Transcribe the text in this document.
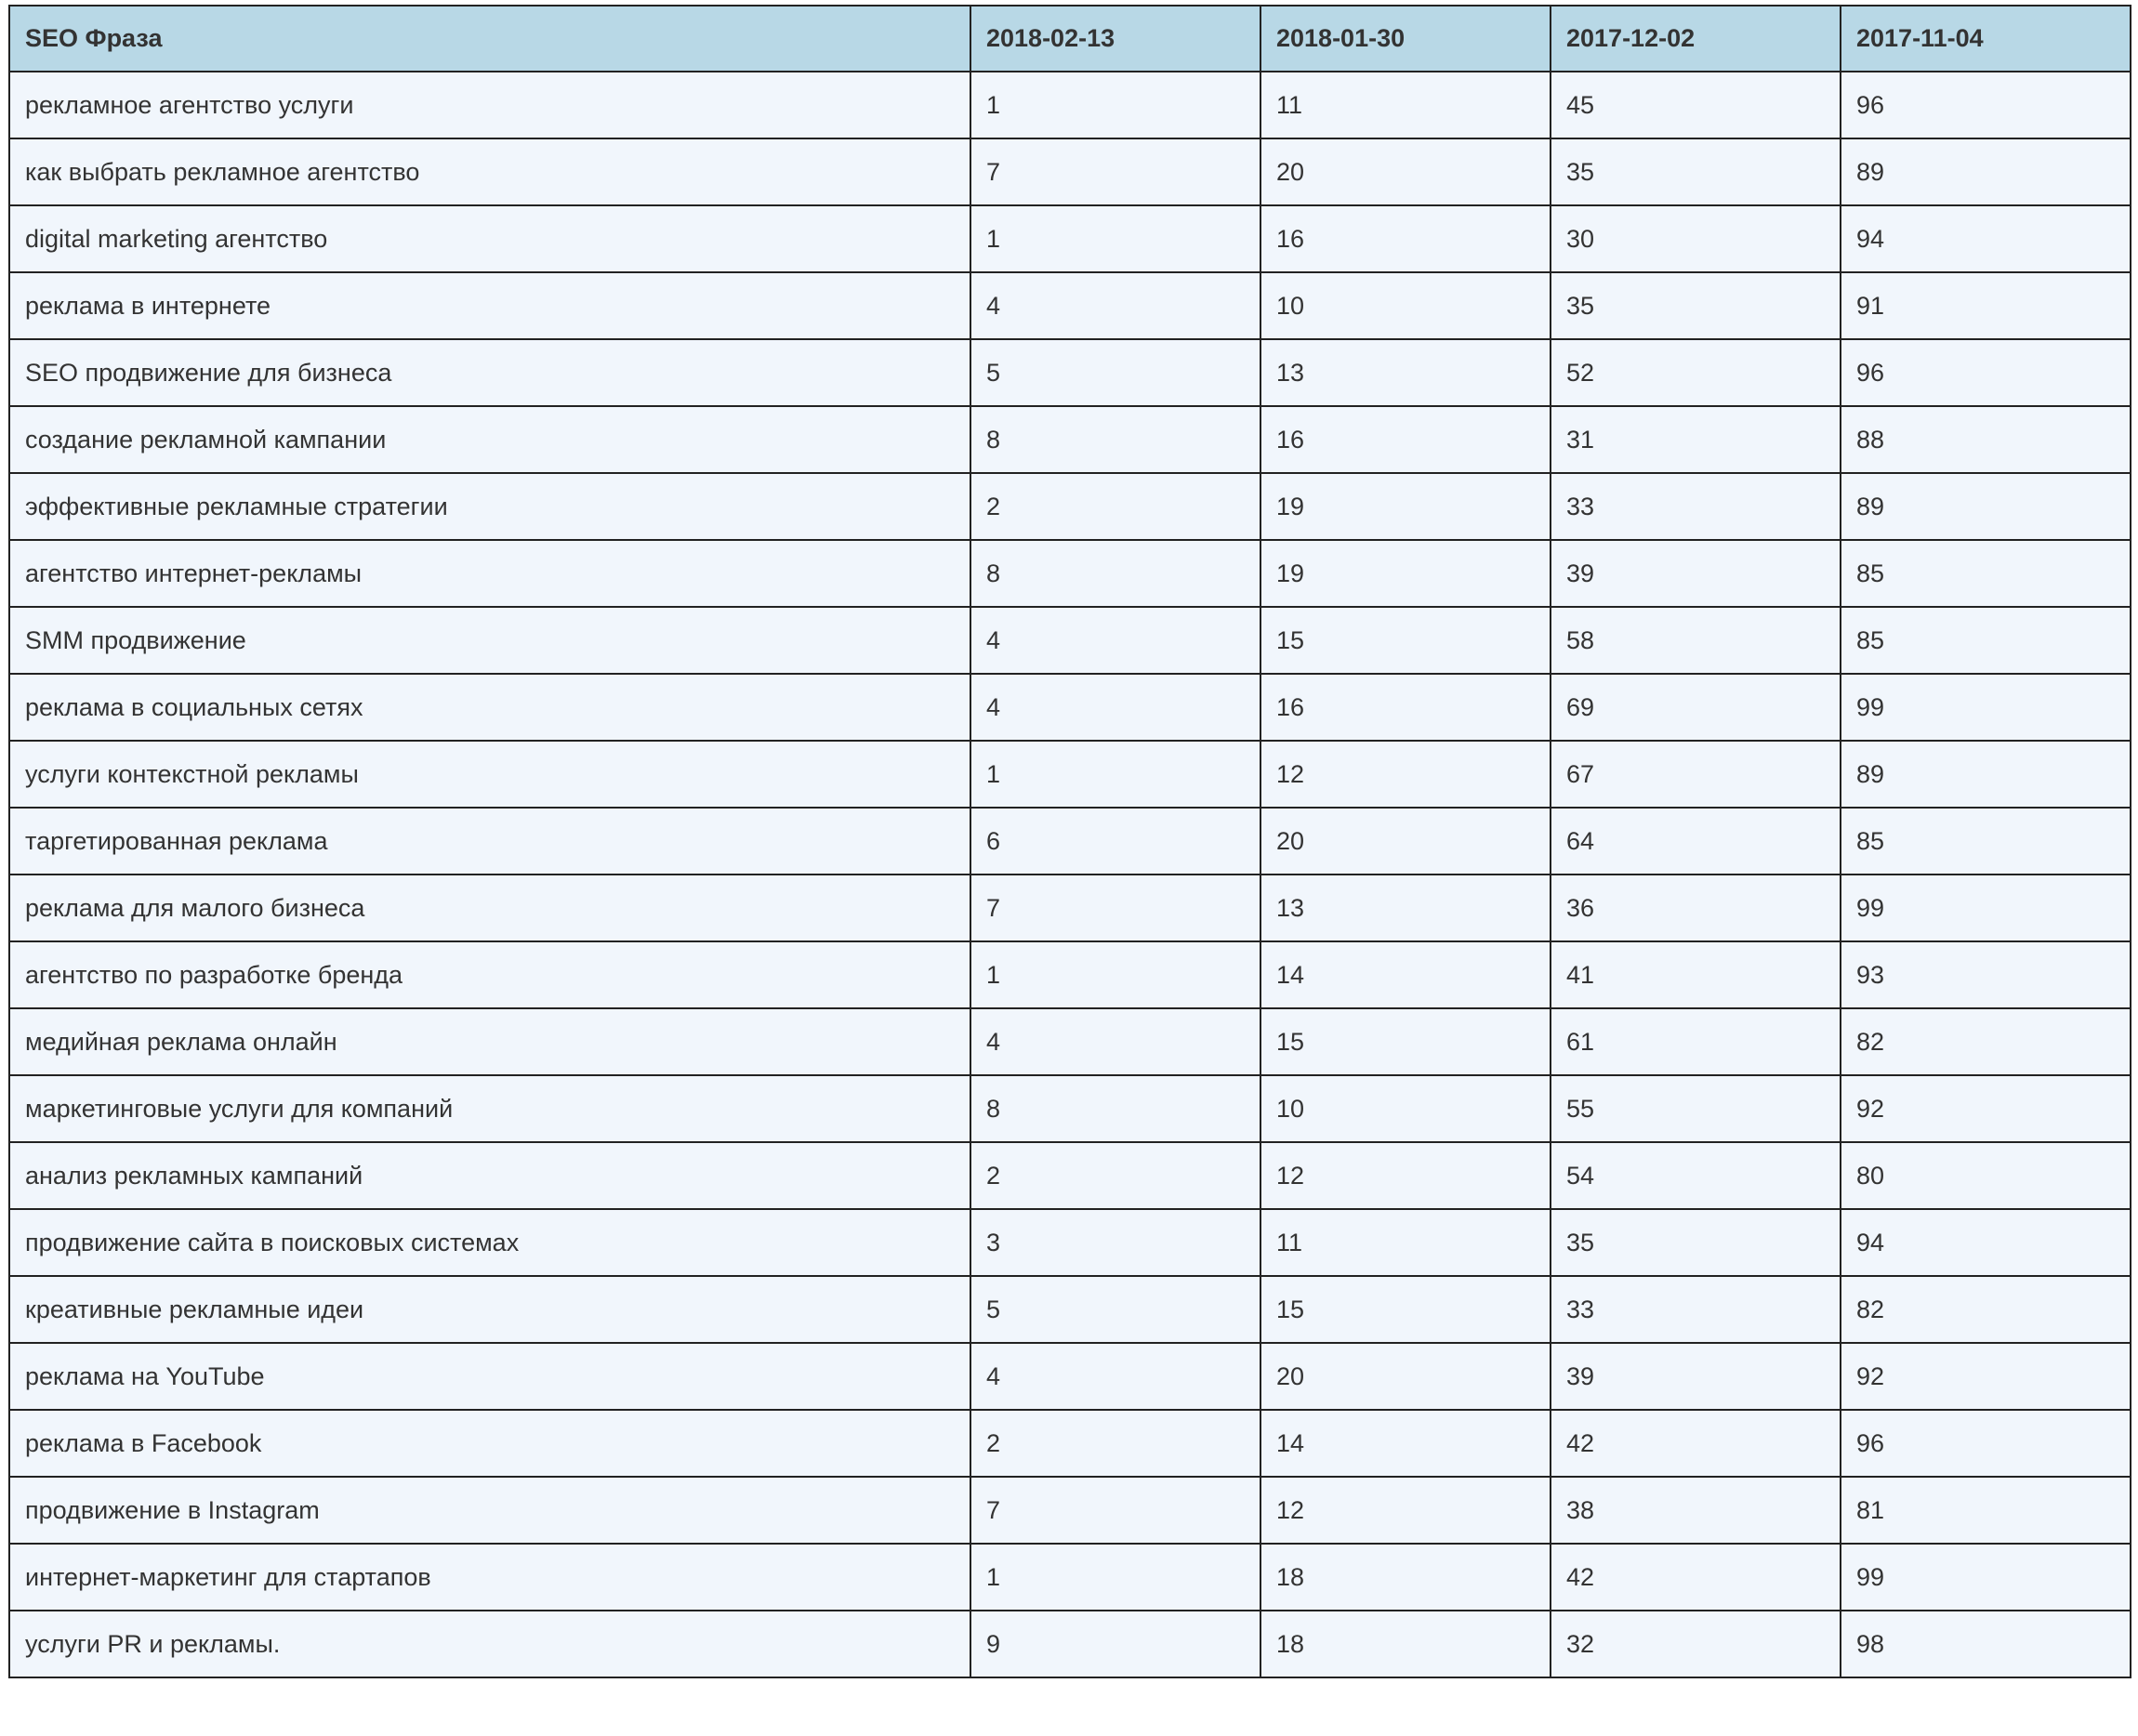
SEO Фраза	2018-02-13	2018-01-30	2017-12-02	2017-11-04
рекламное агентство услуги	1	11	45	96
как выбрать рекламное агентство	7	20	35	89
digital marketing агентство	1	16	30	94
реклама в интернете	4	10	35	91
SEO продвижение для бизнеса	5	13	52	96
создание рекламной кампании	8	16	31	88
эффективные рекламные стратегии	2	19	33	89
агентство интернет-рекламы	8	19	39	85
SMM продвижение	4	15	58	85
реклама в социальных сетях	4	16	69	99
услуги контекстной рекламы	1	12	67	89
таргетированная реклама	6	20	64	85
реклама для малого бизнеса	7	13	36	99
агентство по разработке бренда	1	14	41	93
медийная реклама онлайн	4	15	61	82
маркетинговые услуги для компаний	8	10	55	92
анализ рекламных кампаний	2	12	54	80
продвижение сайта в поисковых системах	3	11	35	94
креативные рекламные идеи	5	15	33	82
реклама на YouTube	4	20	39	92
реклама в Facebook	2	14	42	96
продвижение в Instagram	7	12	38	81
интернет-маркетинг для стартапов	1	18	42	99
услуги PR и рекламы.	9	18	32	98
